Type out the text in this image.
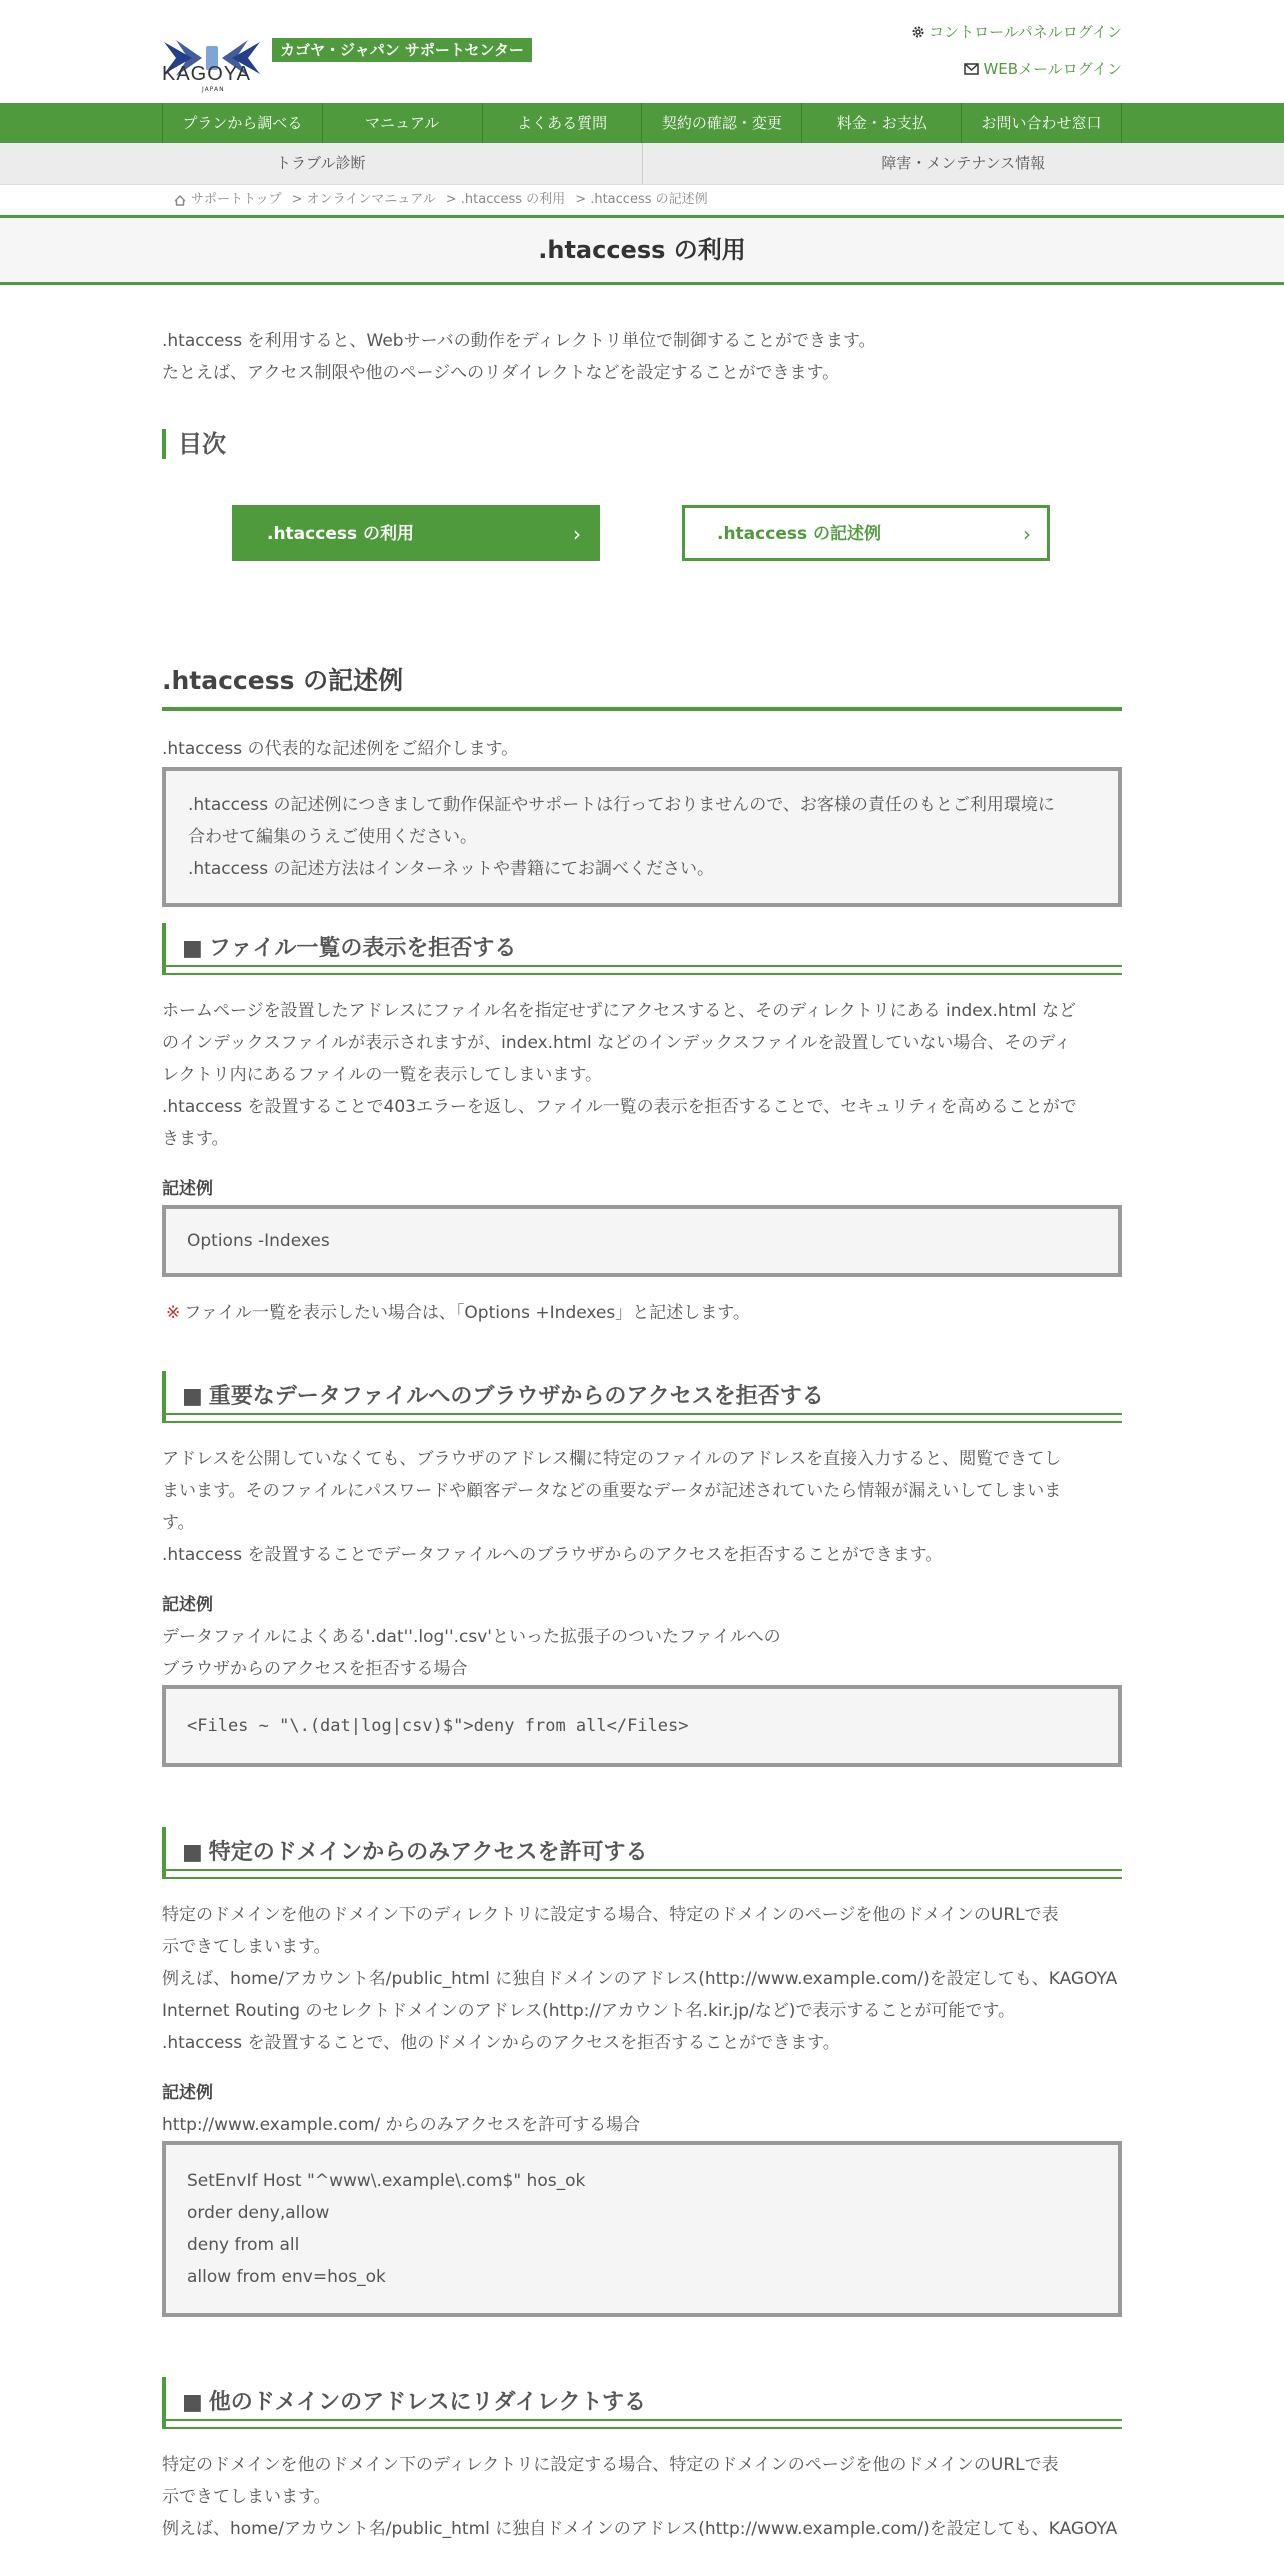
KAGOYA
JAPAN
カゴヤ・ジャパン サポートセンター
コントロールパネルログイン
WEBメールログイン
プランから調べる	マニュアル	よくある質問	契約の確認・変更	料金・お支払	お問い合わせ窓口
トラブル診断	障害・メンテナンス情報
サポートトップ > オンラインマニュアル > .htaccess の利用 > .htaccess の記述例
.htaccess の利用
.htaccess を利用すると、Webサーバの動作をディレクトリ単位で制御することができます。
たとえば、アクセス制限や他のページへのリダイレクトなどを設定することができます。
目次
.htaccess の利用	›	.htaccess の記述例	›
.htaccess の記述例
.htaccess の代表的な記述例をご紹介します。
.htaccess の記述例につきまして動作保証やサポートは行っておりませんので、お客様の責任のもとご利用環境に
合わせて編集のうえご使用ください。
.htaccess の記述方法はインターネットや書籍にてお調べください。
■ ファイル一覧の表示を拒否する
ホームページを設置したアドレスにファイル名を指定せずにアクセスすると、そのディレクトリにある index.html など
のインデックスファイルが表示されますが、index.html などのインデックスファイルを設置していない場合、そのディ
レクトリ内にあるファイルの一覧を表示してしまいます。
.htaccess を設置することで403エラーを返し、ファイル一覧の表示を拒否することで、セキュリティを高めることがで
きます。
記述例
Options -Indexes
※ ファイル一覧を表示したい場合は、「Options +Indexes」と記述します。
■ 重要なデータファイルへのブラウザからのアクセスを拒否する
アドレスを公開していなくても、ブラウザのアドレス欄に特定のファイルのアドレスを直接入力すると、閲覧できてし
まいます。そのファイルにパスワードや顧客データなどの重要なデータが記述されていたら情報が漏えいしてしまいま
す。
.htaccess を設置することでデータファイルへのブラウザからのアクセスを拒否することができます。
記述例
データファイルによくある'.dat''.log''.csv'といった拡張子のついたファイルへの
ブラウザからのアクセスを拒否する場合
<Files ~ "\.(dat|log|csv)$">deny from all</Files>
■ 特定のドメインからのみアクセスを許可する
特定のドメインを他のドメイン下のディレクトリに設定する場合、特定のドメインのページを他のドメインのURLで表
示できてしまいます。
例えば、home/アカウント名/public_html に独自ドメインのアドレス(http://www.example.com/)を設定しても、KAGOYA
Internet Routing のセレクトドメインのアドレス(http://アカウント名.kir.jp/など)で表示することが可能です。
.htaccess を設置することで、他のドメインからのアクセスを拒否することができます。
記述例
http://www.example.com/ からのみアクセスを許可する場合
SetEnvIf Host "^www\.example\.com$" hos_ok
order deny,allow
deny from all
allow from env=hos_ok
■ 他のドメインのアドレスにリダイレクトする
特定のドメインを他のドメイン下のディレクトリに設定する場合、特定のドメインのページを他のドメインのURLで表
示できてしまいます。
例えば、home/アカウント名/public_html に独自ドメインのアドレス(http://www.example.com/)を設定しても、KAGOYA
